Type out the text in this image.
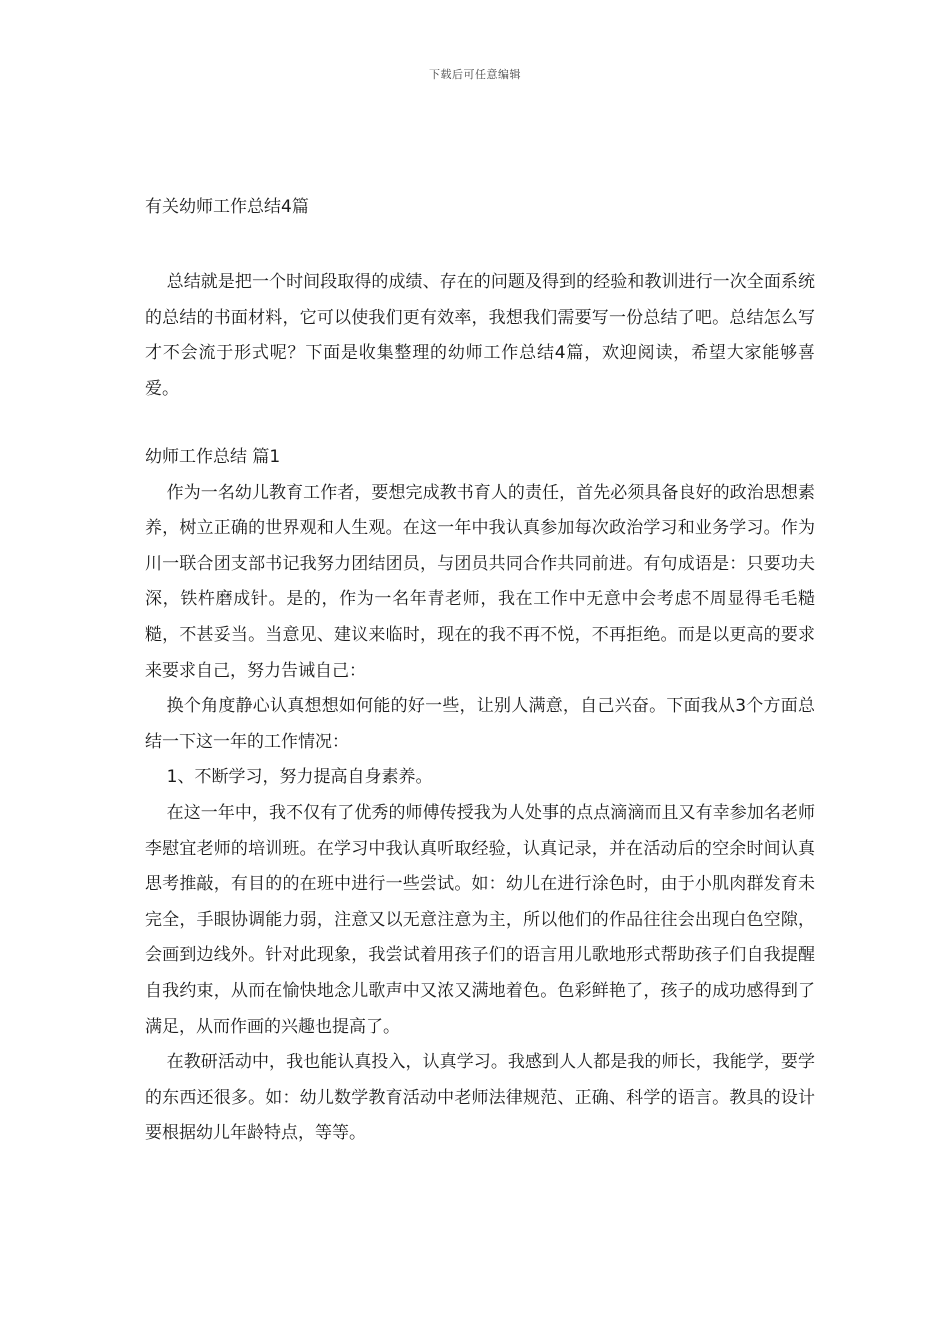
下载后可任意编辑
有关幼师工作总结4篇

总结就是把一个时间段取得的成绩、存在的问题及得到的经验和教训进行一次全面系统的总结的书面材料，它可以使我们更有效率，我想我们需要写一份总结了吧。总结怎么写才不会流于形式呢？下面是收集整理的幼师工作总结4篇，欢迎阅读，希望大家能够喜爱。

幼师工作总结 篇1

作为一名幼儿教育工作者，要想完成教书育人的责任，首先必须具备良好的政治思想素养，树立正确的世界观和人生观。在这一年中我认真参加每次政治学习和业务学习。作为川一联合团支部书记我努力团结团员，与团员共同合作共同前进。有句成语是：只要功夫深，铁杵磨成针。是的，作为一名年青老师，我在工作中无意中会考虑不周显得毛毛糙糙，不甚妥当。当意见、建议来临时，现在的我不再不悦，不再拒绝。而是以更高的要求来要求自己，努力告诫自己：

换个角度静心认真想想如何能的好一些，让别人满意，自己兴奋。下面我从3个方面总结一下这一年的工作情况：

1、不断学习，努力提高自身素养。

在这一年中，我不仅有了优秀的师傅传授我为人处事的点点滴滴而且又有幸参加名老师李慰宜老师的培训班。在学习中我认真听取经验，认真记录，并在活动后的空余时间认真思考推敲，有目的的在班中进行一些尝试。如：幼儿在进行涂色时，由于小肌肉群发育未完全，手眼协调能力弱，注意又以无意注意为主，所以他们的作品往往会出现白色空隙，会画到边线外。针对此现象，我尝试着用孩子们的语言用儿歌地形式帮助孩子们自我提醒自我约束，从而在愉快地念儿歌声中又浓又满地着色。色彩鲜艳了，孩子的成功感得到了满足，从而作画的兴趣也提高了。

在教研活动中，我也能认真投入，认真学习。我感到人人都是我的师长，我能学，要学的东西还很多。如：幼儿数学教育活动中老师法律规范、正确、科学的语言。教具的设计要根据幼儿年龄特点，等等。
